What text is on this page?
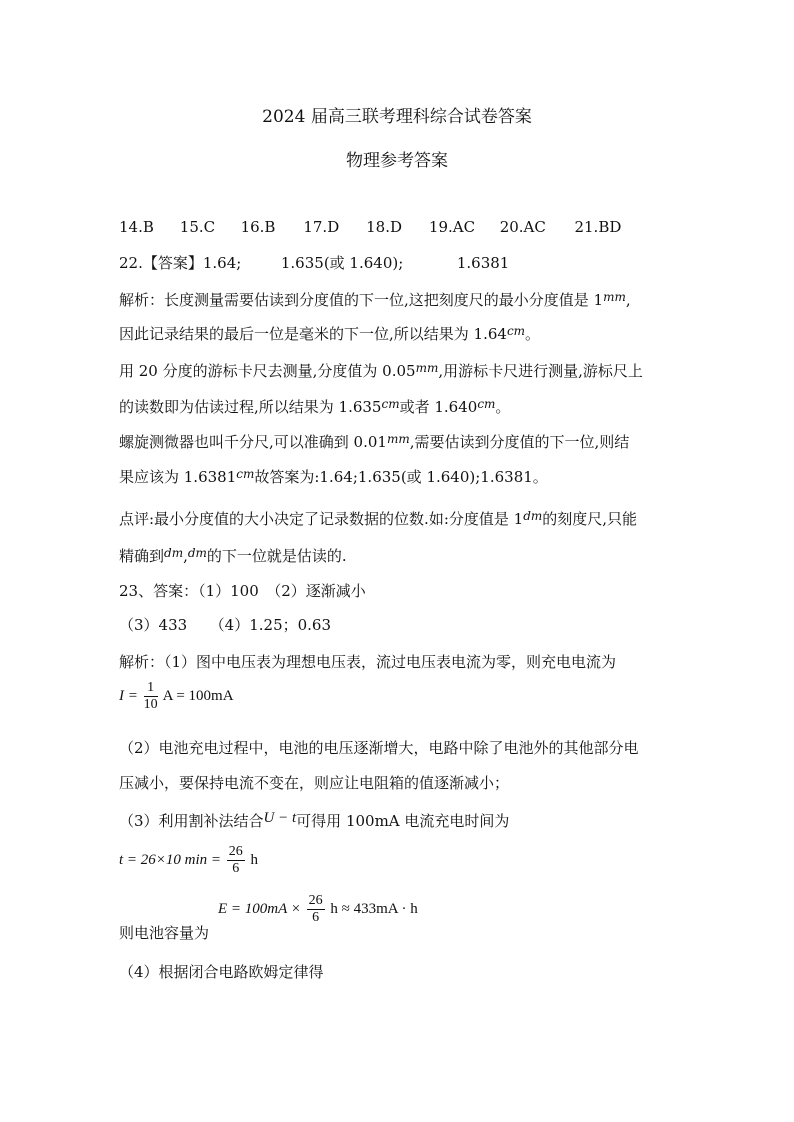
2024 届高三联考理科综合试卷答案
物理参考答案
14.B 15.C 16.B 17.D 18.D 19.AC 20.AC 21.BD
22.【答案】1.64;	1.635(或 1.640);	1.6381
解析：长度测量需要估读到分度值的下一位,这把刻度尺的最小分度值是 $1^{mm}$,
因此记录结果的最后一位是毫米的下一位,所以结果为 $1.64^{cm}$。
用 20 分度的游标卡尺去测量,分度值为 $0.05^{mm}$,用游标卡尺进行测量,游标尺上
的读数即为估读过程,所以结果为 $1.635^{cm}$或者 $1.640^{cm}$。
螺旋测微器也叫千分尺,可以准确到 $0.01^{mm}$,需要估读到分度值的下一位,则结
果应该为 $1.6381^{cm}$故答案为:1.64;1.635(或 1.640);1.6381。
点评:最小分度值的大小决定了记录数据的位数.如:分度值是 $1^{dm}$的刻度尺,只能
精确到$^{dm}$,$^{dm}$的下一位就是估读的.
23、答案：（1）100　（2）逐渐减小
（3）433　　（4）1.25；0.63
解析：（1）图中电压表为理想电压表，流过电压表电流为零，则充电电流为
$I = \frac{1}{10}$ A = 100mA
（2）电池充电过程中，电池的电压逐渐增大，电路中除了电池外的其他部分电
压减小，要保持电流不变在，则应让电阻箱的值逐渐减小；
（3）利用割补法结合U − t可得用 100mA 电流充电时间为
t = 26×10 $\min = \frac{26}{6}$ h
$E = 100mA \times \frac{26}{6}$ h ≈ 433mA · h
则电池容量为
（4）根据闭合电路欧姆定律得
